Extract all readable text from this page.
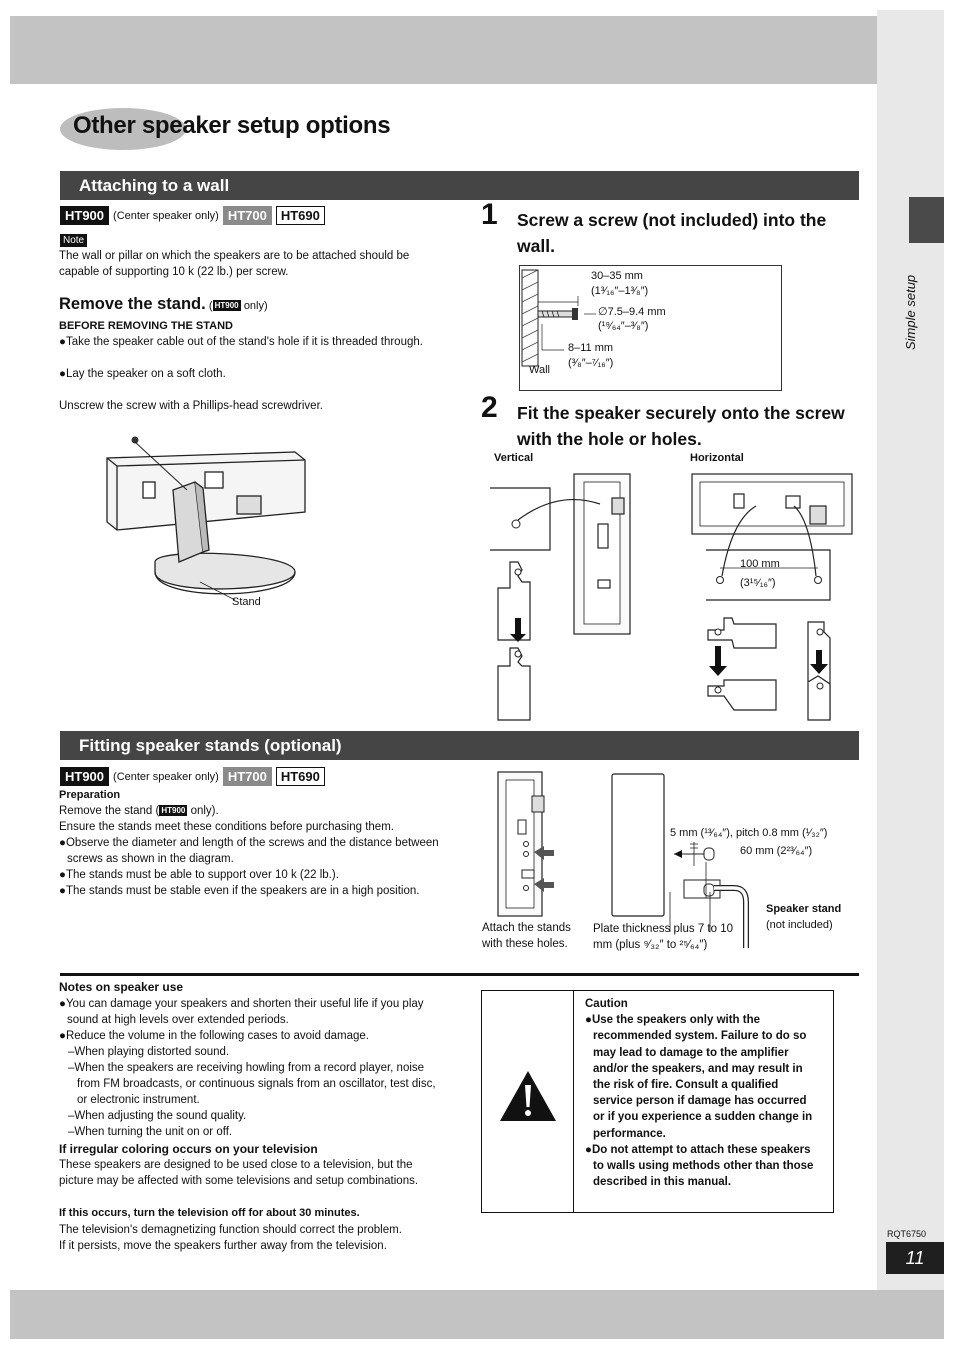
Simple setup
RQT6750
11
Other speaker setup options
Attaching to a wall
HT900 (Center speaker only) HT700	HT690
Note
The wall or pillar on which the speakers are to be attached should be capable of supporting 10 k (22 lb.) per screw.
Remove the stand. ( HT900 only)
BEFORE REMOVING THE STAND
●Take the speaker cable out of the stand's hole if it is threaded through.
●Lay the speaker on a soft cloth.
Unscrew the screw with a Phillips-head screwdriver.
Stand
1 Screw a screw (not included) into the wall.
30–35 mm
(1³⁄₁₆″–1³⁄₈″)
∅7.5–9.4 mm
(¹⁹⁄₆₄″–³⁄₈″)
8–11 mm
(³⁄₈″–⁷⁄₁₆″)
Wall
2 Fit the speaker securely onto the screw with the hole or holes.
Vertical	Horizontal
100 mm
(3¹⁵⁄₁₆″)
Fitting speaker stands (optional)
HT900 (Center speaker only) HT700	HT690
Preparation
Remove the stand ( HT900 only).
Ensure the stands meet these conditions before purchasing them.
●Observe the diameter and length of the screws and the distance between screws as shown in the diagram.
●The stands must be able to support over 10 k (22 lb.).
●The stands must be stable even if the speakers are in a high position.
Attach the stands with these holes.
5 mm (¹³⁄₆₄″), pitch 0.8 mm (¹⁄₃₂″)
60 mm (2²³⁄₆₄″)
Speaker stand
(not included)
Plate thickness plus 7 to 10 mm (plus ⁹⁄₃₂″ to ²⁵⁄₆₄″)
Notes on speaker use
●You can damage your speakers and shorten their useful life if you play sound at high levels over extended periods.
●Reduce the volume in the following cases to avoid damage.
–When playing distorted sound.
–When the speakers are receiving howling from a record player, noise from FM broadcasts, or continuous signals from an oscillator, test disc, or electronic instrument.
–When adjusting the sound quality.
–When turning the unit on or off.
If irregular coloring occurs on your television
These speakers are designed to be used close to a television, but the picture may be affected with some televisions and setup combinations.
If this occurs, turn the television off for about 30 minutes.
The television's demagnetizing function should correct the problem.
If it persists, move the speakers further away from the television.
Caution
●Use the speakers only with the recommended system. Failure to do so may lead to damage to the amplifier and/or the speakers, and may result in the risk of fire. Consult a qualified service person if damage has occurred or if you experience a sudden change in performance.
●Do not attempt to attach these speakers to walls using methods other than those described in this manual.
